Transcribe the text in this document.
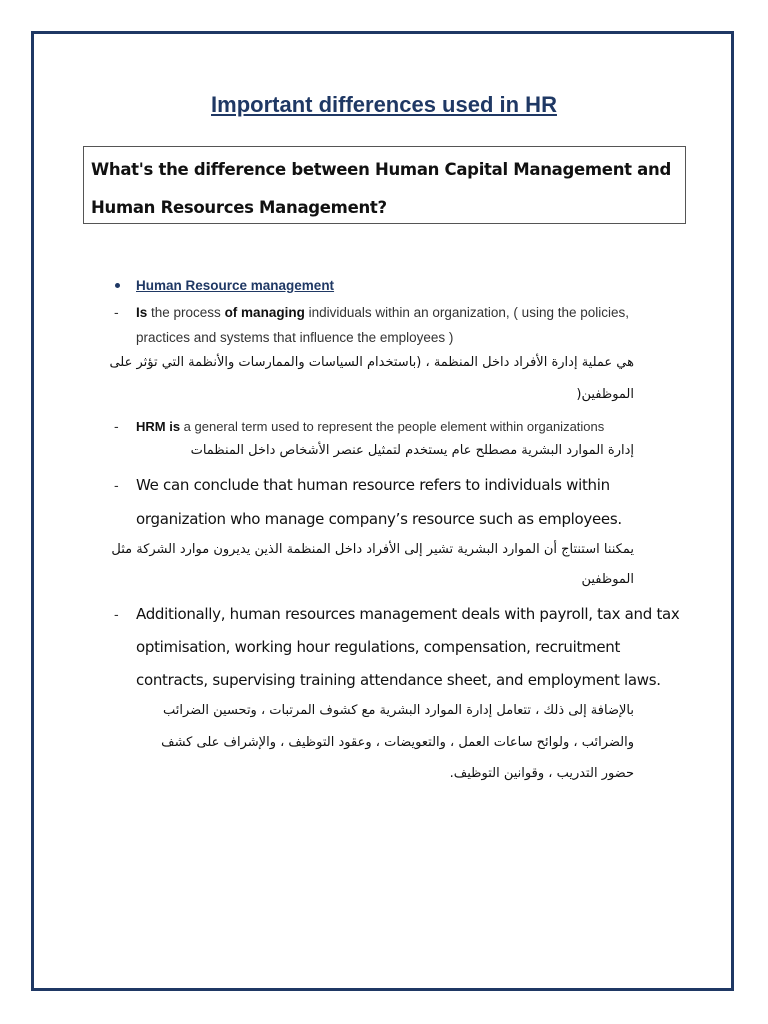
Important differences used in HR

What's the difference between Human Capital Management and

Human Resources Management?

Human Resource management
- Is the process of managing individuals within an organization, ( using the policies,
practices and systems that influence the employees )
هي عملية إدارة الأفراد داخل المنظمة ، (باستخدام السياسات والممارسات والأنظمة التي تؤثر على
الموظفين(
- HRM is a general term used to represent the people element within organizations
إدارة الموارد البشرية مصطلح عام يستخدم لتمثيل عنصر الأشخاص داخل المنظمات
- We can conclude that human resource refers to individuals within
organization who manage company’s resource such as employees.
يمكننا استنتاج أن الموارد البشرية تشير إلى الأفراد داخل المنظمة الذين يديرون موارد الشركة مثل
الموظفين
- Additionally, human resources management deals with payroll, tax and tax
optimisation, working hour regulations, compensation, recruitment
contracts, supervising training attendance sheet, and employment laws.
بالإضافة إلى ذلك ، تتعامل إدارة الموارد البشرية مع كشوف المرتبات ، وتحسين الضرائب
والضرائب ، ولوائح ساعات العمل ، والتعويضات ، وعقود التوظيف ، والإشراف على كشف
حضور التدريب ، وقوانين التوظيف.
